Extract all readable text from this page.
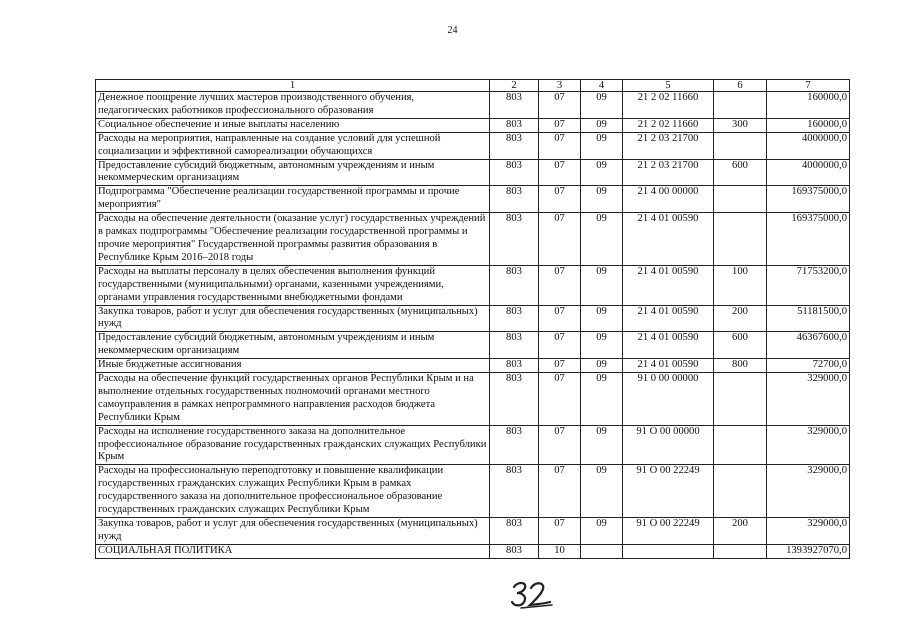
24
1	2	3	4	5	6	7
Денежное поощрение лучших мастеров производственного обучения, педагогических работников профессионального образования	803	07	09	21 2 02 11660		160000,0
Социальное обеспечение и иные выплаты населению	803	07	09	21 2 02 11660	300	160000,0
Расходы на мероприятия, направленные на создание условий для успешной социализации и эффективной самореализации обучающихся	803	07	09	21 2 03 21700		4000000,0
Предоставление субсидий бюджетным, автономным учреждениям и иным некоммерческим организациям	803	07	09	21 2 03 21700	600	4000000,0
Подпрограмма "Обеспечение реализации государственной программы и прочие мероприятия"	803	07	09	21 4 00 00000		169375000,0
Расходы на обеспечение деятельности (оказание услуг) государственных учреждений в рамках подпрограммы "Обеспечение реализации государственной программы и прочие мероприятия" Государственной программы развития образования в Республике Крым 2016–2018 годы	803	07	09	21 4 01 00590		169375000,0
Расходы на выплаты персоналу в целях обеспечения выполнения функций государственными (муниципальными) органами, казенными учреждениями, органами управления государственными внебюджетными фондами	803	07	09	21 4 01 00590	100	71753200,0
Закупка товаров, работ и услуг для обеспечения государственных (муниципальных) нужд	803	07	09	21 4 01 00590	200	51181500,0
Предоставление субсидий бюджетным, автономным учреждениям и иным некоммерческим организациям	803	07	09	21 4 01 00590	600	46367600,0
Иные бюджетные ассигнования	803	07	09	21 4 01 00590	800	72700,0
Расходы на обеспечение функций государственных органов Республики Крым и на выполнение отдельных государственных полномочий органами местного самоуправления в рамках непрограммного направления расходов бюджета Республики Крым	803	07	09	91 0 00 00000		329000,0
Расходы на исполнение государственного заказа на дополнительное профессиональное образование государственных гражданских служащих Республики Крым	803	07	09	91 О 00 00000		329000,0
Расходы на профессиональную переподготовку и повышение квалификации государственных гражданских служащих Республики Крым в рамках государственного заказа на дополнительное профессиональное образование государственных гражданских служащих Республики Крым	803	07	09	91 О 00 22249		329000,0
Закупка товаров, работ и услуг для обеспечения государственных (муниципальных) нужд	803	07	09	91 О 00 22249	200	329000,0
СОЦИАЛЬНАЯ ПОЛИТИКА	803	10				1393927070,0
